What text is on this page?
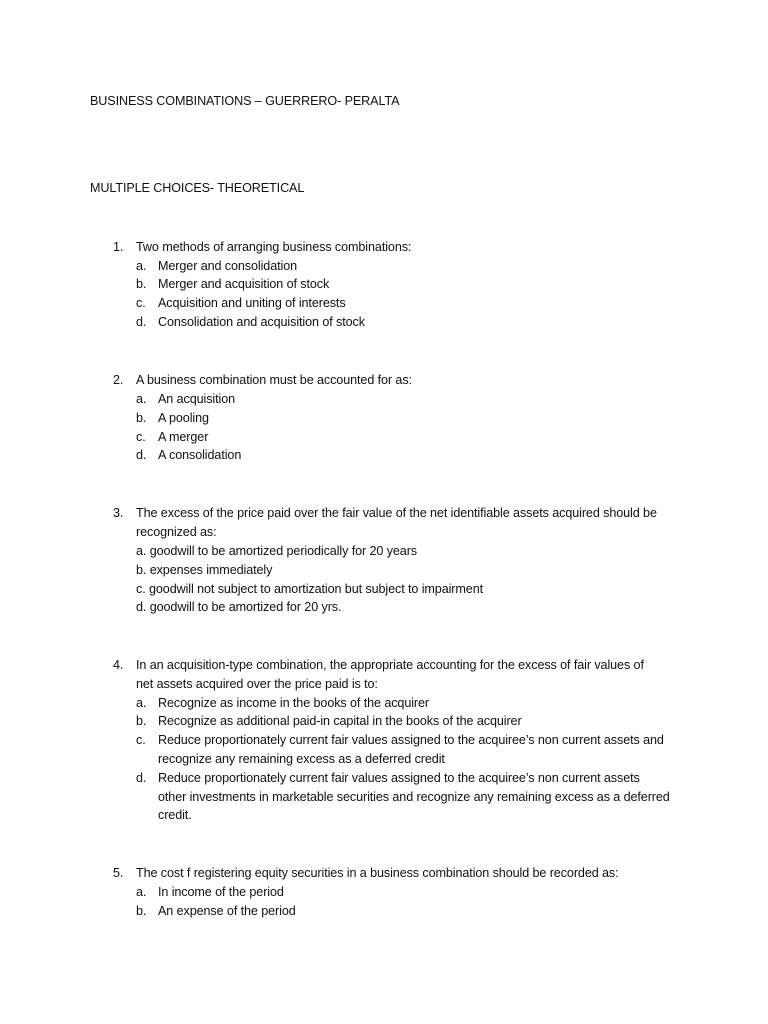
BUSINESS COMBINATIONS – GUERRERO- PERALTA
MULTIPLE CHOICES- THEORETICAL
1. Two methods of arranging business combinations:
a. Merger and consolidation
b. Merger and acquisition of stock
c. Acquisition and uniting of interests
d. Consolidation and acquisition of stock
2. A business combination must be accounted for as:
a. An acquisition
b. A pooling
c. A merger
d. A consolidation
3. The excess of the price paid over the fair value of the net identifiable assets acquired should be
recognized as:
a. goodwill to be amortized periodically for 20 years
b. expenses immediately
c. goodwill not subject to amortization but subject to impairment
d. goodwill to be amortized for 20 yrs.
4. In an acquisition-type combination, the appropriate accounting for the excess of fair values of
net assets acquired over the price paid is to:
a. Recognize as income in the books of the acquirer
b. Recognize as additional paid-in capital in the books of the acquirer
c. Reduce proportionately current fair values assigned to the acquiree’s non current assets and
recognize any remaining excess as a deferred credit
d. Reduce proportionately current fair values assigned to the acquiree’s non current assets
other investments in marketable securities and recognize any remaining excess as a deferred
credit.
5. The cost f registering equity securities in a business combination should be recorded as:
a. In income of the period
b. An expense of the period
